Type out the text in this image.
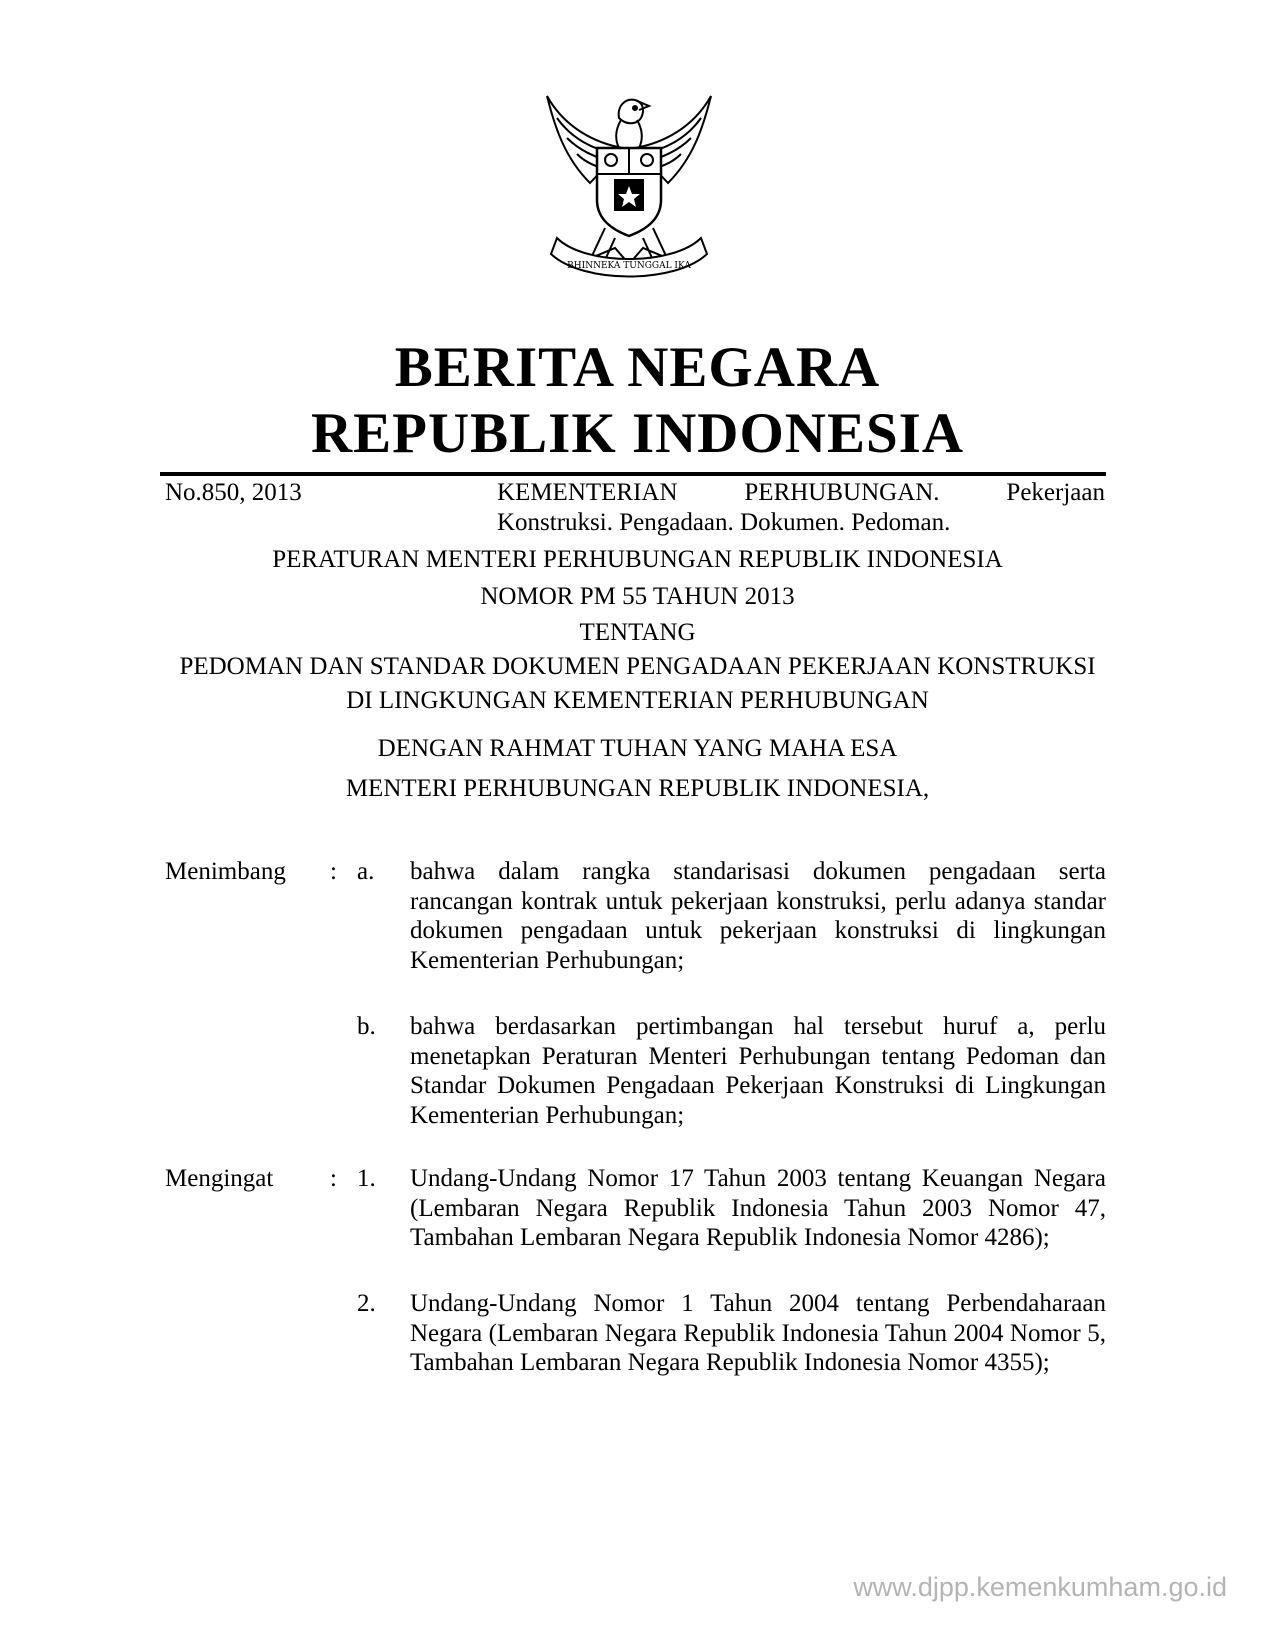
BHINNEKA TUNGGAL IKA
BERITA NEGARA
REPUBLIK INDONESIA
No.850, 2013	KEMENTERIAN PERHUBUNGAN. Pekerjaan
Konstruksi. Pengadaan. Dokumen. Pedoman.
PERATURAN MENTERI PERHUBUNGAN REPUBLIK INDONESIA
NOMOR PM 55 TAHUN 2013
TENTANG
PEDOMAN DAN STANDAR DOKUMEN PENGADAAN PEKERJAAN KONSTRUKSI
DI LINGKUNGAN KEMENTERIAN PERHUBUNGAN
DENGAN RAHMAT TUHAN YANG MAHA ESA
MENTERI PERHUBUNGAN REPUBLIK INDONESIA,
Menimbang : a. bahwa dalam rangka standarisasi dokumen pengadaan serta rancangan kontrak untuk pekerjaan konstruksi, perlu adanya standar dokumen pengadaan untuk pekerjaan konstruksi di lingkungan Kementerian Perhubungan;
b. bahwa berdasarkan pertimbangan hal tersebut huruf a, perlu menetapkan Peraturan Menteri Perhubungan tentang Pedoman dan Standar Dokumen Pengadaan Pekerjaan Konstruksi di Lingkungan Kementerian Perhubungan;
Mengingat : 1. Undang-Undang Nomor 17 Tahun 2003 tentang Keuangan Negara (Lembaran Negara Republik Indonesia Tahun 2003 Nomor 47, Tambahan Lembaran Negara Republik Indonesia Nomor 4286);
2. Undang-Undang Nomor 1 Tahun 2004 tentang Perbendaharaan Negara (Lembaran Negara Republik Indonesia Tahun 2004 Nomor 5, Tambahan Lembaran Negara Republik Indonesia Nomor 4355);
www.djpp.kemenkumham.go.id
